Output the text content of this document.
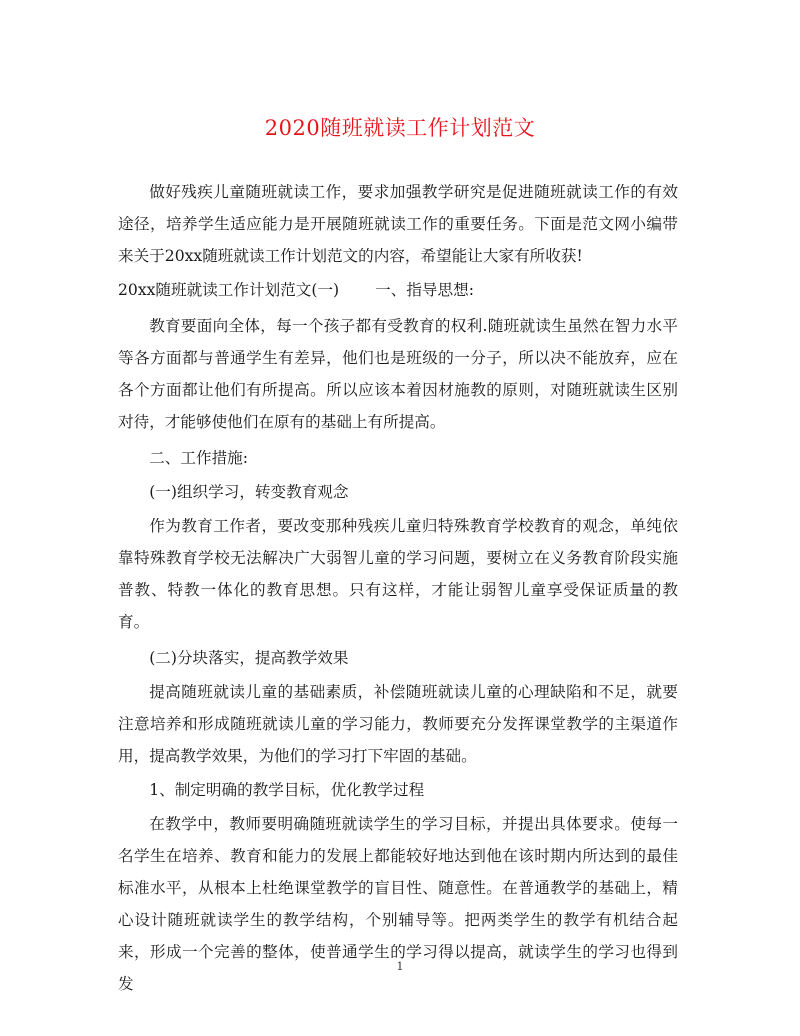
2020随班就读工作计划范文

做好残疾儿童随班就读工作，要求加强教学研究是促进随班就读工作的有效途径，培养学生适应能力是开展随班就读工作的重要任务。下面是范文网小编带来关于20xx随班就读工作计划范文的内容，希望能让大家有所收获!

20xx随班就读工作计划范文(一) 一、指导思想:

教育要面向全体，每一个孩子都有受教育的权利.随班就读生虽然在智力水平等各方面都与普通学生有差异，他们也是班级的一分子，所以决不能放弃，应在各个方面都让他们有所提高。所以应该本着因材施教的原则，对随班就读生区别对待，才能够使他们在原有的基础上有所提高。

二、工作措施:

(一)组织学习，转变教育观念

作为教育工作者，要改变那种残疾儿童归特殊教育学校教育的观念，单纯依靠特殊教育学校无法解决广大弱智儿童的学习问题，要树立在义务教育阶段实施普教、特教一体化的教育思想。只有这样，才能让弱智儿童享受保证质量的教育。

(二)分块落实，提高教学效果

提高随班就读儿童的基础素质，补偿随班就读儿童的心理缺陷和不足，就要注意培养和形成随班就读儿童的学习能力，教师要充分发挥课堂教学的主渠道作用，提高教学效果，为他们的学习打下牢固的基础。

1、制定明确的教学目标，优化教学过程

在教学中，教师要明确随班就读学生的学习目标，并提出具体要求。使每一名学生在培养、教育和能力的发展上都能较好地达到他在该时期内所达到的最佳标准水平，从根本上杜绝课堂教学的盲目性、随意性。在普通教学的基础上，精心设计随班就读学生的教学结构，个别辅导等。把两类学生的教学有机结合起来，形成一个完善的整体，使普通学生的学习得以提高，就读学生的学习也得到发

1
